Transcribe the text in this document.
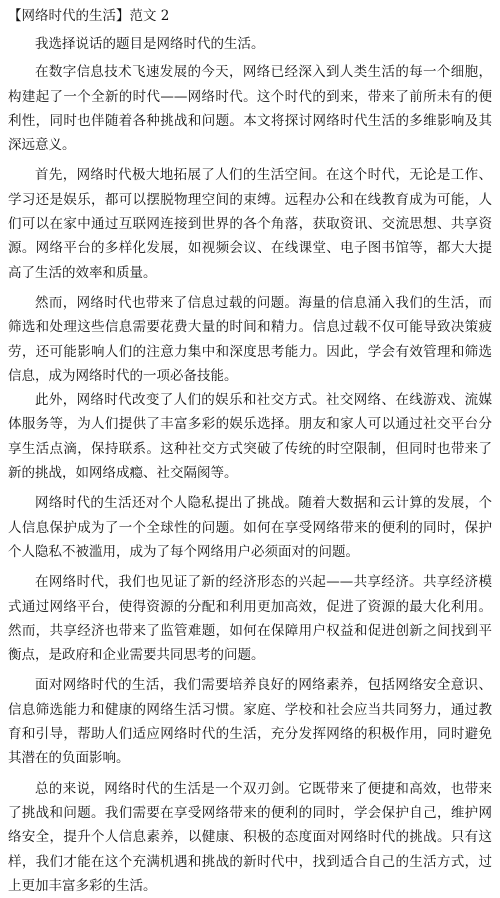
【网络时代的生活】范文 2

我选择说话的题目是网络时代的生活。

在数字信息技术飞速发展的今天，网络已经深入到人类生活的每一个细胞，构建起了一个全新的时代——网络时代。这个时代的到来，带来了前所未有的便利性，同时也伴随着各种挑战和问题。本文将探讨网络时代生活的多维影响及其深远意义。

首先，网络时代极大地拓展了人们的生活空间。在这个时代，无论是工作、学习还是娱乐，都可以摆脱物理空间的束缚。远程办公和在线教育成为可能，人们可以在家中通过互联网连接到世界的各个角落，获取资讯、交流思想、共享资源。网络平台的多样化发展，如视频会议、在线课堂、电子图书馆等，都大大提高了生活的效率和质量。

然而，网络时代也带来了信息过载的问题。海量的信息涌入我们的生活，而筛选和处理这些信息需要花费大量的时间和精力。信息过载不仅可能导致决策疲劳，还可能影响人们的注意力集中和深度思考能力。因此，学会有效管理和筛选信息，成为网络时代的一项必备技能。

此外，网络时代改变了人们的娱乐和社交方式。社交网络、在线游戏、流媒体服务等，为人们提供了丰富多彩的娱乐选择。朋友和家人可以通过社交平台分享生活点滴，保持联系。这种社交方式突破了传统的时空限制，但同时也带来了新的挑战，如网络成瘾、社交隔阂等。

网络时代的生活还对个人隐私提出了挑战。随着大数据和云计算的发展，个人信息保护成为了一个全球性的问题。如何在享受网络带来的便利的同时，保护个人隐私不被滥用，成为了每个网络用户必须面对的问题。

在网络时代，我们也见证了新的经济形态的兴起——共享经济。共享经济模式通过网络平台，使得资源的分配和利用更加高效，促进了资源的最大化利用。然而，共享经济也带来了监管难题，如何在保障用户权益和促进创新之间找到平衡点，是政府和企业需要共同思考的问题。

面对网络时代的生活，我们需要培养良好的网络素养，包括网络安全意识、信息筛选能力和健康的网络生活习惯。家庭、学校和社会应当共同努力，通过教育和引导，帮助人们适应网络时代的生活，充分发挥网络的积极作用，同时避免其潜在的负面影响。

总的来说，网络时代的生活是一个双刃剑。它既带来了便捷和高效，也带来了挑战和问题。我们需要在享受网络带来的便利的同时，学会保护自己，维护网络安全，提升个人信息素养，以健康、积极的态度面对网络时代的挑战。只有这样，我们才能在这个充满机遇和挑战的新时代中，找到适合自己的生活方式，过上更加丰富多彩的生活。
